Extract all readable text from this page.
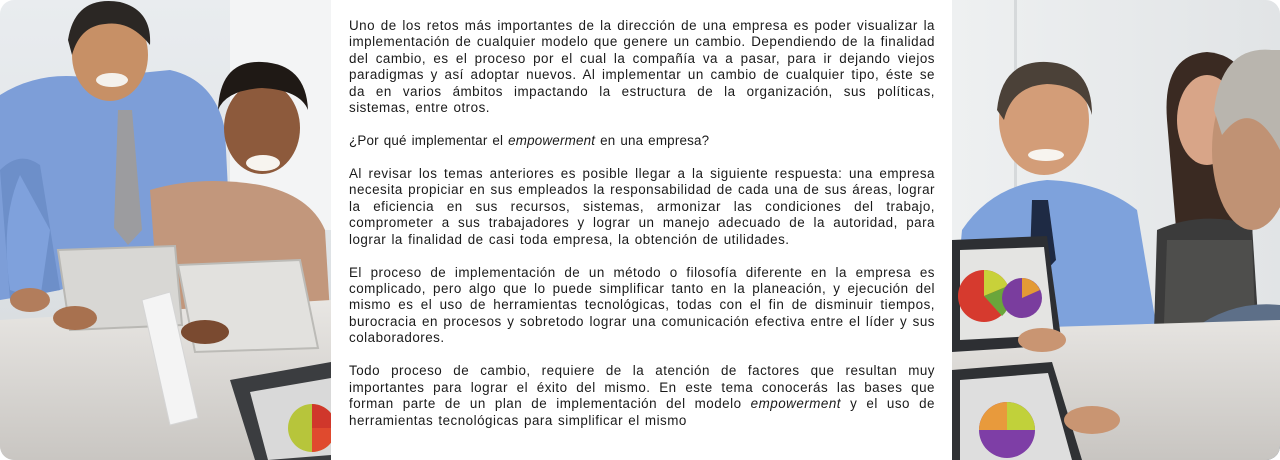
Uno de los retos más importantes de la dirección de una empresa es poder visualizar la implementación de cualquier modelo que genere un cambio. Dependiendo de la finalidad del cambio, es el proceso por el cual la compañía va a pasar, para ir dejando viejos paradigmas y así adoptar nuevos. Al implementar un cambio de cualquier tipo, éste se da en varios ámbitos impactando la estructura de la organización, sus políticas, sistemas, entre otros.

¿Por qué implementar el empowerment en una empresa?

Al revisar los temas anteriores es posible llegar a la siguiente respuesta: una empresa necesita propiciar en sus empleados la responsabilidad de cada una de sus áreas, lograr la eficiencia en sus recursos, sistemas, armonizar las condiciones del trabajo, comprometer a sus trabajadores y lograr un manejo adecuado de la autoridad, para lograr la finalidad de casi toda empresa, la obtención de utilidades.

El proceso de implementación de un método o filosofía diferente en la empresa es complicado, pero algo que lo puede simplificar tanto en la planeación, y ejecución del mismo es el uso de herramientas tecnológicas, todas con el fin de disminuir tiempos, burocracia en procesos y sobretodo lograr una comunicación efectiva entre el líder y sus colaboradores.

Todo proceso de cambio, requiere de la atención de factores que resultan muy importantes para lograr el éxito del mismo. En este tema conocerás las bases que forman parte de un plan de implementación del modelo empowerment y el uso de herramientas tecnológicas para simplificar el mismo
